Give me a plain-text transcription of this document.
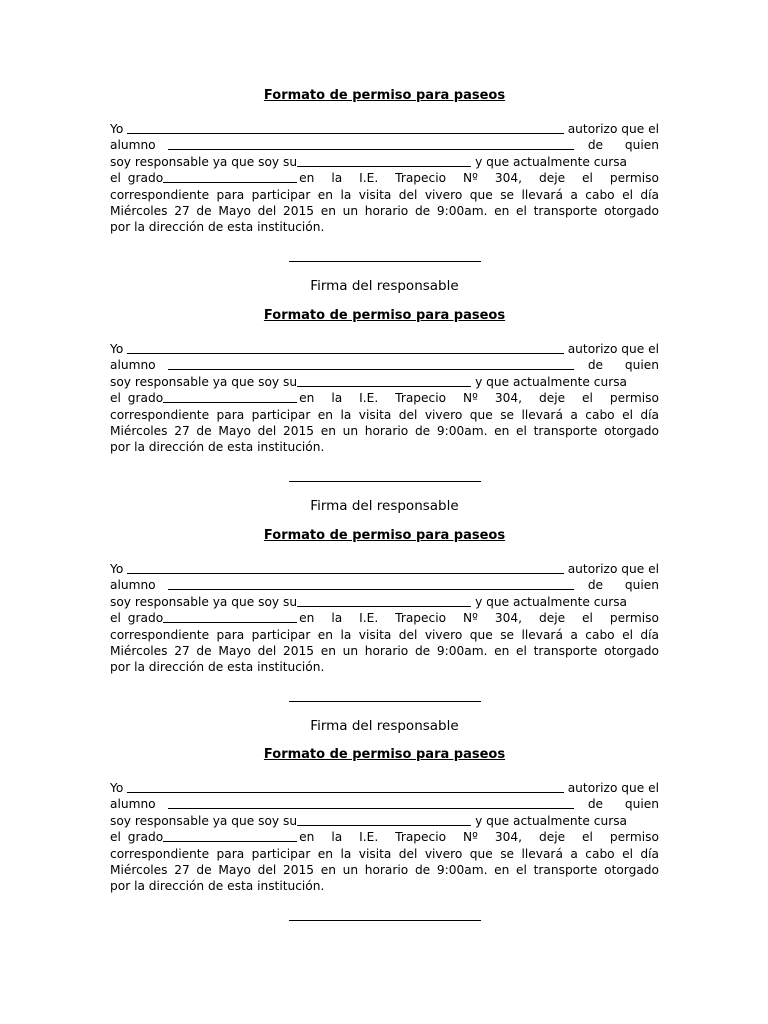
Formato de permiso para paseos
Yo	autorizo que el
alumno	de quien
soy responsable ya que soy su	y que actualmente cursa
el grado	en la I.E. Trapecio Nº 304, deje el permiso
correspondiente para participar en la visita del vivero que se llevará a cabo el día
Miércoles 27 de Mayo del 2015 en un horario de 9:00am. en el transporte otorgado
por la dirección de esta institución.
Firma del responsable
Formato de permiso para paseos
Yo	autorizo que el
alumno	de quien
soy responsable ya que soy su	y que actualmente cursa
el grado	en la I.E. Trapecio Nº 304, deje el permiso
correspondiente para participar en la visita del vivero que se llevará a cabo el día
Miércoles 27 de Mayo del 2015 en un horario de 9:00am. en el transporte otorgado
por la dirección de esta institución.
Firma del responsable
Formato de permiso para paseos
Yo	autorizo que el
alumno	de quien
soy responsable ya que soy su	y que actualmente cursa
el grado	en la I.E. Trapecio Nº 304, deje el permiso
correspondiente para participar en la visita del vivero que se llevará a cabo el día
Miércoles 27 de Mayo del 2015 en un horario de 9:00am. en el transporte otorgado
por la dirección de esta institución.
Firma del responsable
Formato de permiso para paseos
Yo	autorizo que el
alumno	de quien
soy responsable ya que soy su	y que actualmente cursa
el grado	en la I.E. Trapecio Nº 304, deje el permiso
correspondiente para participar en la visita del vivero que se llevará a cabo el día
Miércoles 27 de Mayo del 2015 en un horario de 9:00am. en el transporte otorgado
por la dirección de esta institución.
